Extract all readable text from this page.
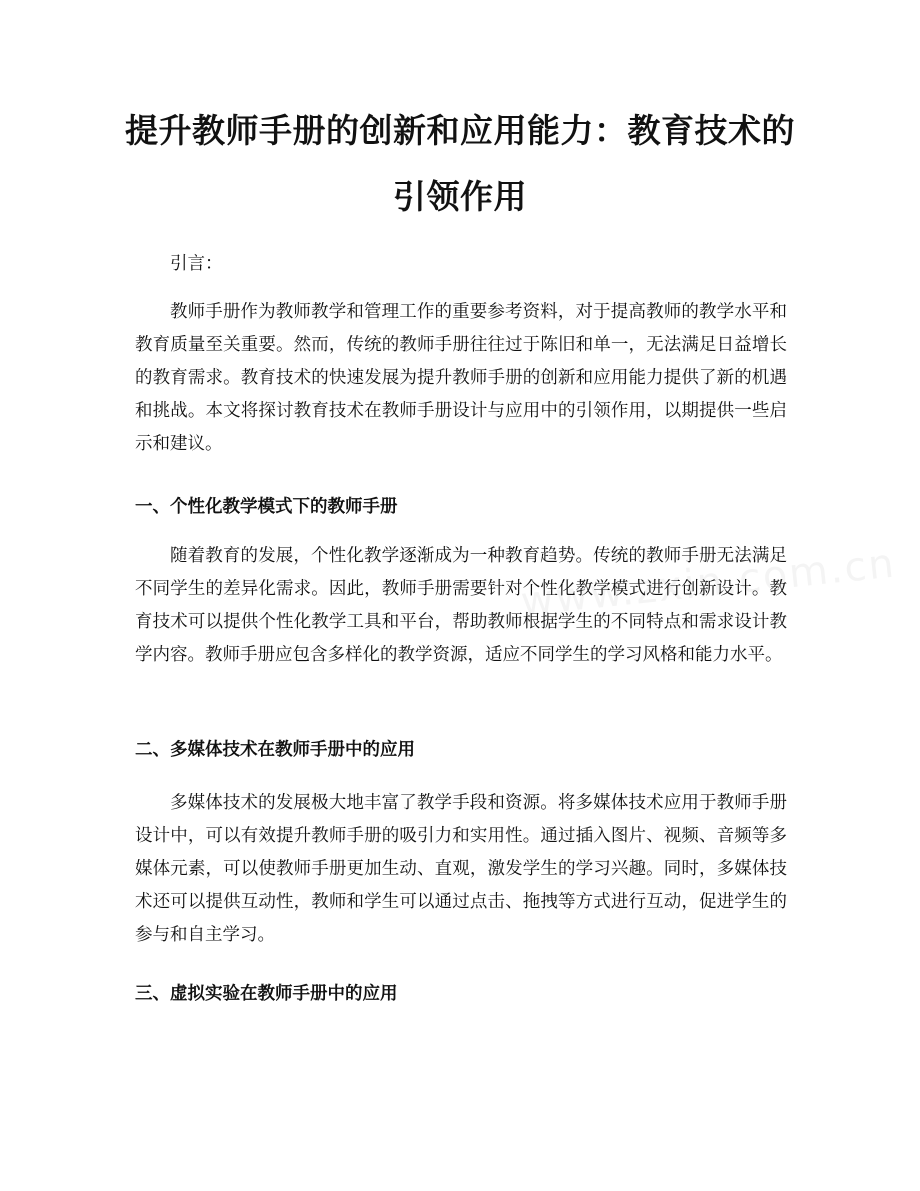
提升教师手册的创新和应用能力：教育技术的引领作用

引言：

教师手册作为教师教学和管理工作的重要参考资料，对于提高教师的教学水平和教育质量至关重要。然而，传统的教师手册往往过于陈旧和单一，无法满足日益增长的教育需求。教育技术的快速发展为提升教师手册的创新和应用能力提供了新的机遇和挑战。本文将探讨教育技术在教师手册设计与应用中的引领作用，以期提供一些启示和建议。

一、个性化教学模式下的教师手册

随着教育的发展，个性化教学逐渐成为一种教育趋势。传统的教师手册无法满足不同学生的差异化需求。因此，教师手册需要针对个性化教学模式进行创新设计。教育技术可以提供个性化教学工具和平台，帮助教师根据学生的不同特点和需求设计教学内容。教师手册应包含多样化的教学资源，适应不同学生的学习风格和能力水平。

二、多媒体技术在教师手册中的应用

多媒体技术的发展极大地丰富了教学手段和资源。将多媒体技术应用于教师手册设计中，可以有效提升教师手册的吸引力和实用性。通过插入图片、视频、音频等多媒体元素，可以使教师手册更加生动、直观，激发学生的学习兴趣。同时，多媒体技术还可以提供互动性，教师和学生可以通过点击、拖拽等方式进行互动，促进学生的参与和自主学习。

三、虚拟实验在教师手册中的应用
